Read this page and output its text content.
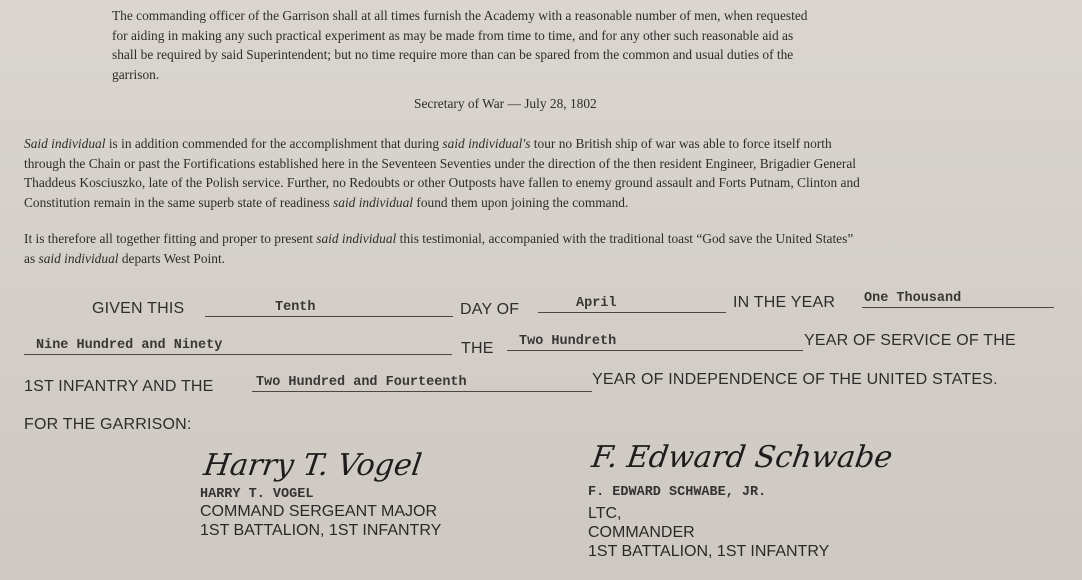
The commanding officer of the Garrison shall at all times furnish the Academy with a reasonable number of men, when requested
for aiding in making any such practical experiment as may be made from time to time, and for any other such reasonable aid as
shall be required by said Superintendent; but no time require more than can be spared from the common and usual duties of the
garrison.
Secretary of War — July 28, 1802
Said individual is in addition commended for the accomplishment that during said individual's tour no British ship of war was able to force itself north
through the Chain or past the Fortifications established here in the Seventeen Seventies under the direction of the then resident Engineer, Brigadier General
Thaddeus Kosciuszko, late of the Polish service. Further, no Redoubts or other Outposts have fallen to enemy ground assault and Forts Putnam, Clinton and
Constitution remain in the same superb state of readiness said individual found them upon joining the command.
It is therefore all together fitting and proper to present said individual this testimonial, accompanied with the traditional toast “God save the United States”
as said individual departs West Point.
GIVEN THIS	Tenth	DAY OF	April	IN THE YEAR One Thousand
Nine Hundred and Ninety	THE	Two Hundreth	YEAR OF SERVICE OF THE
1ST INFANTRY AND THE	Two Hundred and Fourteenth	YEAR OF INDEPENDENCE OF THE UNITED STATES.
FOR THE GARRISON:
Harry T. Vogel
HARRY T. VOGEL
COMMAND SERGEANT MAJOR
1ST BATTALION, 1ST INFANTRY
F. Edward Schwabe
F. EDWARD SCHWABE, JR.
LTC,
COMMANDER
1ST BATTALION, 1ST INFANTRY
